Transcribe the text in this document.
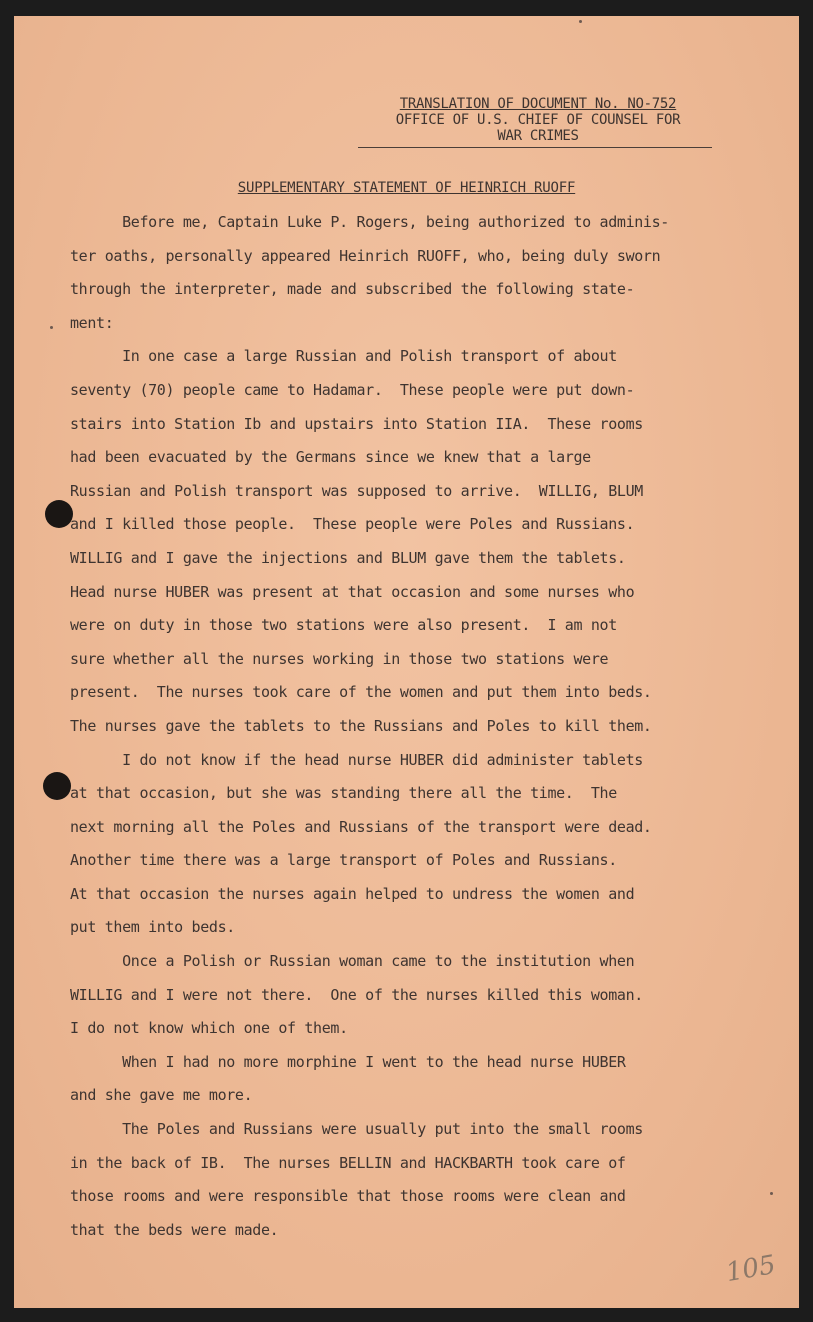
TRANSLATION OF DOCUMENT No. NO-752
OFFICE OF U.S. CHIEF OF COUNSEL FOR
WAR CRIMES
SUPPLEMENTARY STATEMENT OF HEINRICH RUOFF
Before me, Captain Luke P. Rogers, being authorized to adminis-
ter oaths, personally appeared Heinrich RUOFF, who, being duly sworn
through the interpreter, made and subscribed the following state-
ment:
In one case a large Russian and Polish transport of about
seventy (70) people came to Hadamar.  These people were put down-
stairs into Station Ib and upstairs into Station IIA.  These rooms
had been evacuated by the Germans since we knew that a large
Russian and Polish transport was supposed to arrive.  WILLIG, BLUM
and I killed those people.  These people were Poles and Russians.
WILLIG and I gave the injections and BLUM gave them the tablets.
Head nurse HUBER was present at that occasion and some nurses who
were on duty in those two stations were also present.  I am not
sure whether all the nurses working in those two stations were
present.  The nurses took care of the women and put them into beds.
The nurses gave the tablets to the Russians and Poles to kill them.
I do not know if the head nurse HUBER did administer tablets
at that occasion, but she was standing there all the time.  The
next morning all the Poles and Russians of the transport were dead.
Another time there was a large transport of Poles and Russians.
At that occasion the nurses again helped to undress the women and
put them into beds.
Once a Polish or Russian woman came to the institution when
WILLIG and I were not there.  One of the nurses killed this woman.
I do not know which one of them.
When I had no more morphine I went to the head nurse HUBER
and she gave me more.
The Poles and Russians were usually put into the small rooms
in the back of IB.  The nurses BELLIN and HACKBARTH took care of
those rooms and were responsible that those rooms were clean and
that the beds were made.
105
